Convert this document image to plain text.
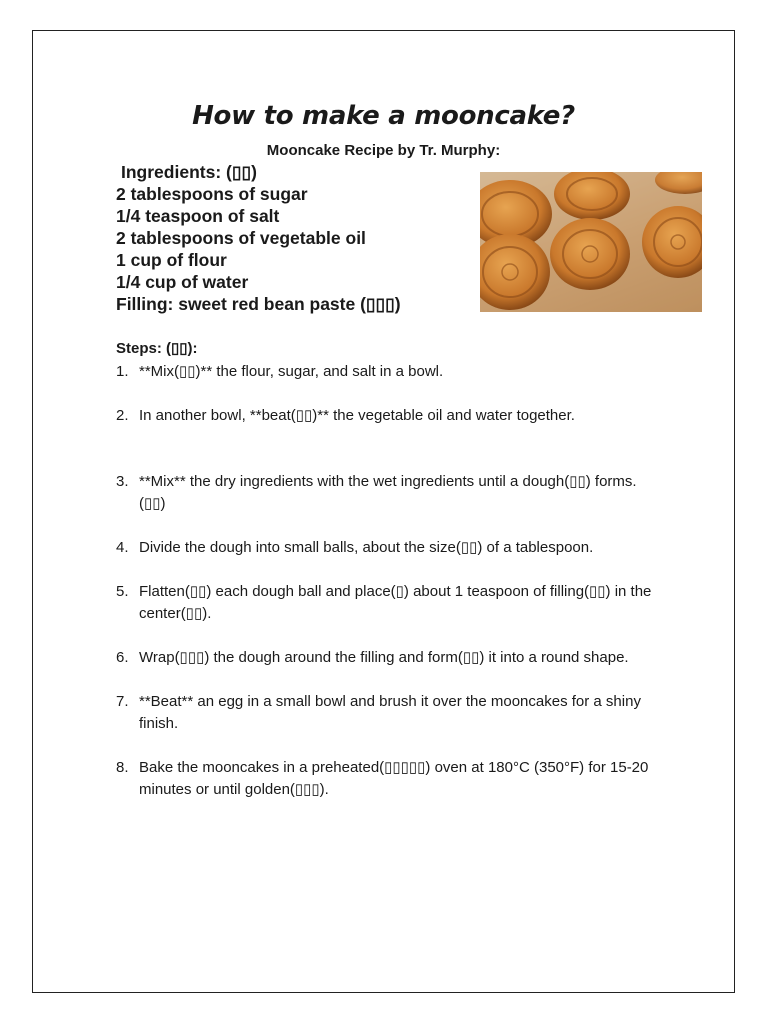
How to make a mooncake?
Mooncake Recipe by Tr. Murphy:
Ingredients: (▯▯)
2 tablespoons of sugar
1/4 teaspoon of salt
2 tablespoons of vegetable oil
1 cup of flour
1/4 cup of water
Filling: sweet red bean paste (▯▯▯)
Steps: (▯▯):
1. **Mix(▯▯)** the flour, sugar, and salt in a bowl.
2. In another bowl, **beat(▯▯)** the vegetable oil and water together.
3. **Mix** the dry ingredients with the wet ingredients until a dough(▯▯) forms.(▯▯)
4. Divide the dough into small balls, about the size(▯▯) of a tablespoon.
5. Flatten(▯▯) each dough ball and place(▯) about 1 teaspoon of filling(▯▯) in the center(▯▯).
6. Wrap(▯▯▯) the dough around the filling and form(▯▯) it into a round shape.
7. **Beat** an egg in a small bowl and brush it over the mooncakes for a shiny finish.
8. Bake the mooncakes in a preheated(▯▯▯▯▯) oven at 180°C (350°F) for 15-20 minutes or until golden(▯▯▯).
